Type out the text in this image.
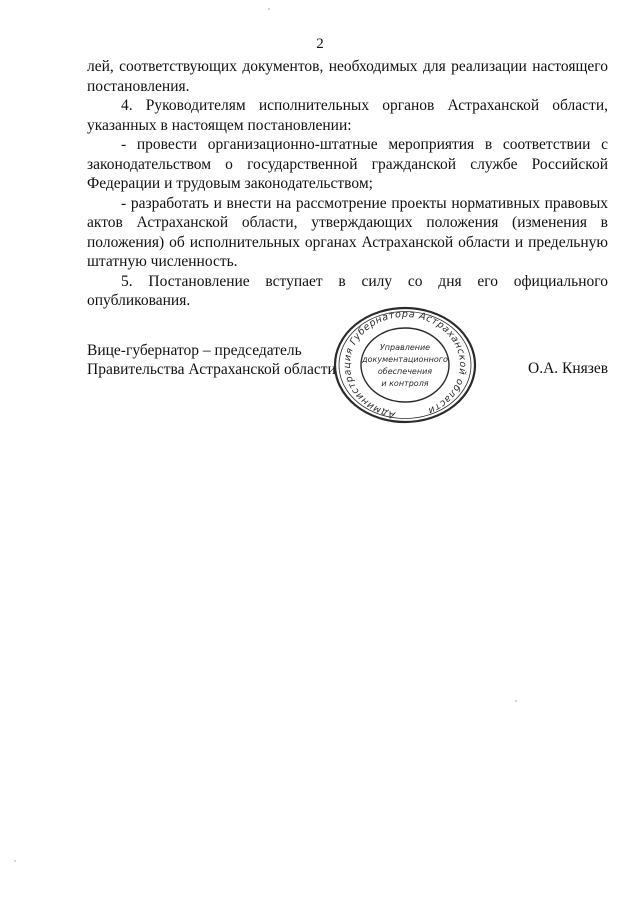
2

лей, соответствующих документов, необходимых для реализации настоящего постановления.

4. Руководителям исполнительных органов Астраханской области, указанных в настоящем постановлении:

- провести организационно-штатные мероприятия в соответствии с законодательством о государственной гражданской службе Российской Федерации и трудовым законодательством;

- разработать и внести на рассмотрение проекты нормативных правовых актов Астраханской области, утверждающих положения (изменения в положения) об исполнительных органах Астраханской области и предельную штатную численность.

5. Постановление вступает в силу со дня его официального опубликования.

Вице-губернатор – председатель
Правительства Астраханской области	О.А. Князев
Администрация Губернатора Астраханской области
Управление
документационного
обеспечения
и контроля
